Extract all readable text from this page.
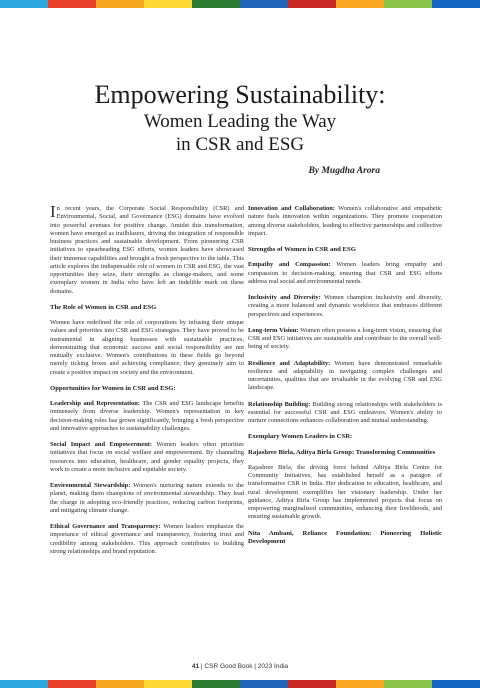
Empowering Sustainability:
Women Leading the Way
in CSR and ESG
By Mugdha Arora

In recent years, the Corporate Social Responsibility (CSR) and Environmental, Social, and Governance (ESG) domains have evolved into powerful avenues for positive change. Amidst this transformation, women have emerged as trailblazers, driving the integration of responsible business practices and sustainable development. From pioneering CSR initiatives to spearheading ESG efforts, women leaders have showcased their immense capabilities and brought a fresh perspective to the table. This article explores the indispensable role of women in CSR and ESG, the vast opportunities they seize, their strengths as change-makers, and some exemplary women in India who have left an indelible mark on these domains.

The Role of Women in CSR and ESG

Women have redefined the role of corporations by infusing their unique values and priorities into CSR and ESG strategies. They have proved to be instrumental in aligning businesses with sustainable practices, demonstrating that economic success and social responsibility are not mutually exclusive. Women's contributions in these fields go beyond merely ticking boxes and achieving compliance; they genuinely aim to create a positive impact on society and the environment.

Opportunities for Women in CSR and ESG:

Leadership and Representation: The CSR and ESG landscape benefits immensely from diverse leadership. Women's representation in key decision-making roles has grown significantly, bringing a fresh perspective and innovative approaches to sustainability challenges.

Social Impact and Empowerment: Women leaders often prioritize initiatives that focus on social welfare and empowerment. By channeling resources into education, healthcare, and gender equality projects, they work to create a more inclusive and equitable society.

Environmental Stewardship: Women's nurturing nature extends to the planet, making them champions of environmental stewardship. They lead the charge in adopting eco-friendly practices, reducing carbon footprints, and mitigating climate change.

Ethical Governance and Transparency: Women leaders emphasize the importance of ethical governance and transparency, fostering trust and credibility among stakeholders. This approach contributes to building strong relationships and brand reputation.

Innovation and Collaboration: Women's collaborative and empathetic nature fuels innovation within organizations. They promote cooperation among diverse stakeholders, leading to effective partnerships and collective impact.

Strengths of Women in CSR and ESG

Empathy and Compassion: Women leaders bring empathy and compassion to decision-making, ensuring that CSR and ESG efforts address real social and environmental needs.

Inclusivity and Diversity: Women champion inclusivity and diversity, creating a more balanced and dynamic workforce that embraces different perspectives and experiences.

Long-term Vision: Women often possess a long-term vision, ensuring that CSR and ESG initiatives are sustainable and contribute to the overall well-being of society.

Resilience and Adaptability: Women have demonstrated remarkable resilience and adaptability in navigating complex challenges and uncertainties, qualities that are invaluable in the evolving CSR and ESG landscape.

Relationship Building: Building strong relationships with stakeholders is essential for successful CSR and ESG endeavors. Women's ability to nurture connections enhances collaboration and mutual understanding.

Exemplary Women Leaders in CSR:
Rajashree Birla, Aditya Birla Group: Transforming Communities

Rajashree Birla, the driving force behind Aditya Birla Centre for Community Initiatives, has established herself as a paragon of transformative CSR in India. Her dedication to education, healthcare, and rural development exemplifies her visionary leadership. Under her guidance, Aditya Birla Group has implemented projects that focus on empowering marginalized communities, enhancing their livelihoods, and ensuring sustainable growth.

Nita Ambani, Reliance Foundation: Pioneering Holistic Development
41 | CSR Good Book | 2023 India
